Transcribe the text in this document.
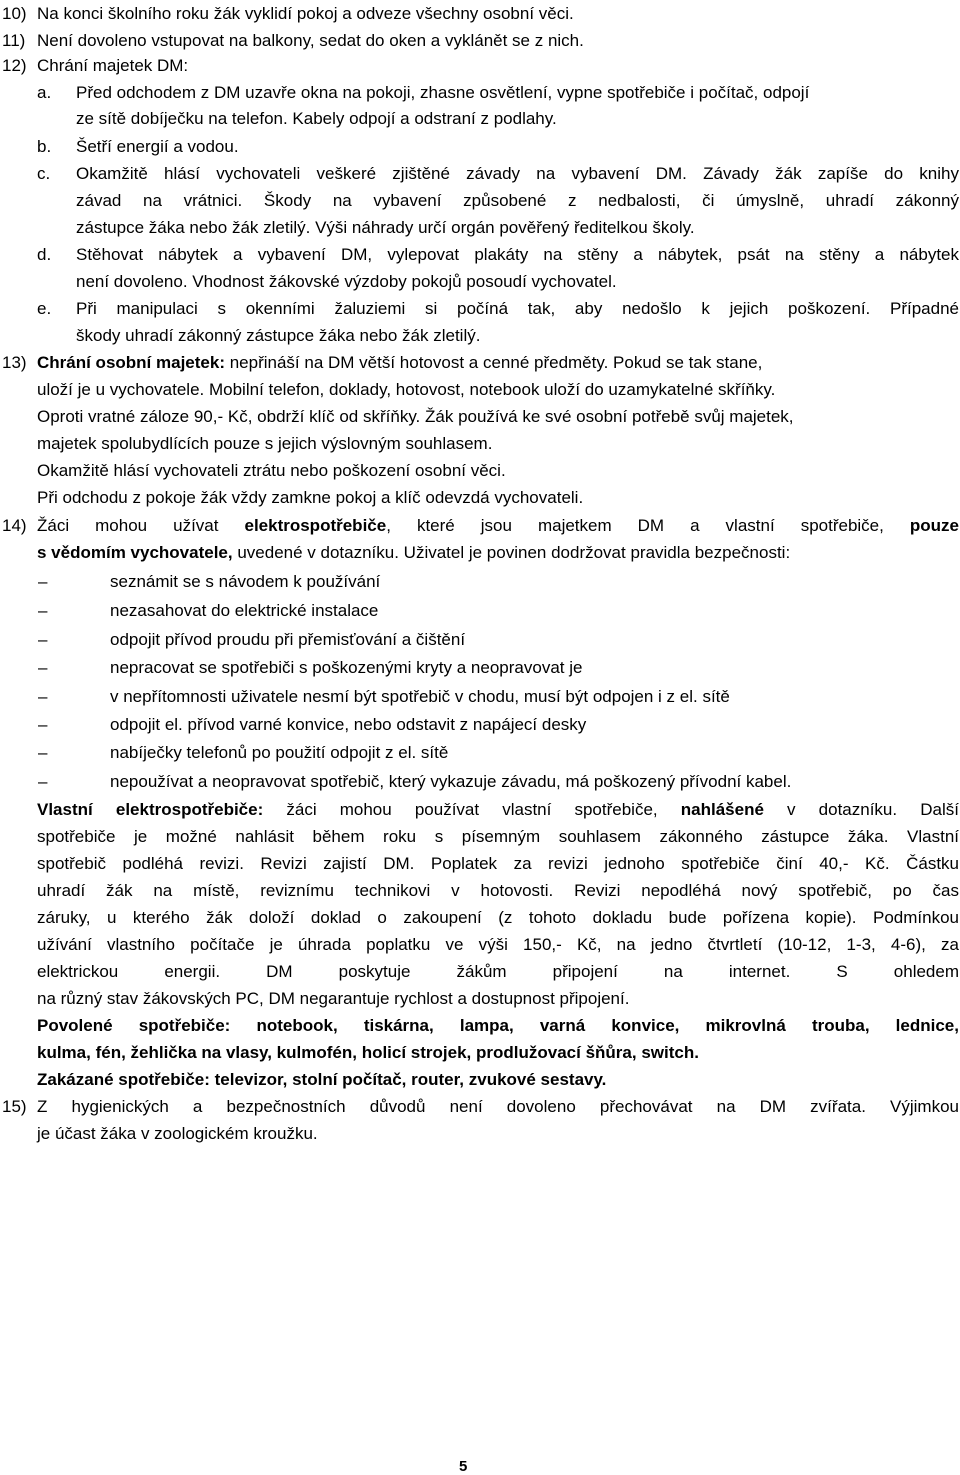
10) Na konci školního roku žák vyklidí pokoj a odveze všechny osobní věci.
11) Není dovoleno vstupovat na balkony, sedat do oken a vyklánět se z nich.
12) Chrání majetek DM:
a. Před odchodem z DM uzavře okna na pokoji, zhasne osvětlení, vypne spotřebiče i počítač, odpojí
ze sítě dobíječku na telefon. Kabely odpojí a odstraní z podlahy.
b. Šetří energií a vodou.
c. Okamžitě hlásí vychovateli veškeré zjištěné závady na vybavení DM. Závady žák zapíše do knihy
závad na vrátnici. Škody na vybavení způsobené z nedbalosti, či úmyslně, uhradí zákonný
zástupce žáka nebo žák zletilý. Výši náhrady určí orgán pověřený ředitelkou školy.
d. Stěhovat nábytek a vybavení DM, vylepovat plakáty na stěny a nábytek, psát na stěny a nábytek
není dovoleno. Vhodnost žákovské výzdoby pokojů posoudí vychovatel.
e. Při manipulaci s okenními žaluziemi si počíná tak, aby nedošlo k jejich poškození. Případné
škody uhradí zákonný zástupce žáka nebo žák zletilý.
13) Chrání osobní majetek: nepřináší na DM větší hotovost a cenné předměty. Pokud se tak stane,
uloží je u vychovatele. Mobilní telefon, doklady, hotovost, notebook uloží do uzamykatelné skříňky.
Oproti vratné záloze 90,- Kč, obdrží klíč od skříňky. Žák používá ke své osobní potřebě svůj majetek,
majetek spolubydlících pouze s jejich výslovným souhlasem.
Okamžitě hlásí vychovateli ztrátu nebo poškození osobní věci.
Při odchodu z pokoje žák vždy zamkne pokoj a klíč odevzdá vychovateli.
14) Žáci mohou užívat elektrospotřebiče, které jsou majetkem DM a vlastní spotřebiče, pouze
s vědomím vychovatele, uvedené v dotazníku. Uživatel je povinen dodržovat pravidla bezpečnosti:
–	seznámit se s návodem k používání
–	nezasahovat do elektrické instalace
–	odpojit přívod proudu při přemisťování a čištění
–	nepracovat se spotřebiči s poškozenými kryty a neopravovat je
–	v nepřítomnosti uživatele nesmí být spotřebič v chodu, musí být odpojen i z el. sítě
–	odpojit el. přívod varné konvice, nebo odstavit z napájecí desky
–	nabíječky telefonů po použití odpojit z el. sítě
–	nepoužívat a neopravovat spotřebič, který vykazuje závadu, má poškozený přívodní kabel.
Vlastní elektrospotřebiče: žáci mohou používat vlastní spotřebiče, nahlášené v dotazníku. Další
spotřebiče je možné nahlásit během roku s písemným souhlasem zákonného zástupce žáka. Vlastní
spotřebič podléhá revizi. Revizi zajistí DM. Poplatek za revizi jednoho spotřebiče činí 40,- Kč. Částku
uhradí žák na místě, reviznímu technikovi v hotovosti. Revizi nepodléhá nový spotřebič, po čas
záruky, u kterého žák doloží doklad o zakoupení (z tohoto dokladu bude pořízena kopie). Podmínkou
užívání vlastního počítače je úhrada poplatku ve výši 150,- Kč, na jedno čtvrtletí (10-12, 1-3, 4-6), za
elektrickou energii. DM poskytuje žákům připojení na internet. S ohledem
na různý stav žákovských PC, DM negarantuje rychlost a dostupnost připojení.
Povolené spotřebiče: notebook, tiskárna, lampa, varná konvice, mikrovlná trouba, lednice,
kulma, fén, žehlička na vlasy, kulmofén, holicí strojek, prodlužovací šňůra, switch.
Zakázané spotřebiče: televizor, stolní počítač, router, zvukové sestavy.
15) Z hygienických a bezpečnostních důvodů není dovoleno přechovávat na DM zvířata. Výjimkou
je účast žáka v zoologickém kroužku.
5
